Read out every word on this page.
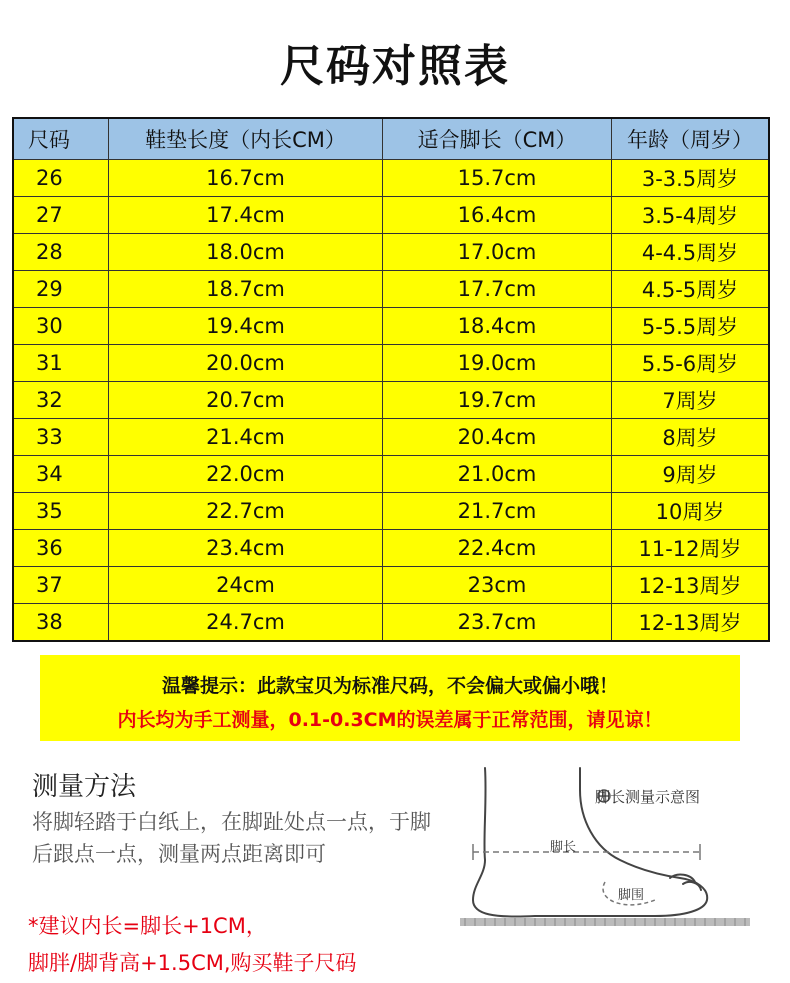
尺码对照表
尺码	鞋垫长度（内长CM）	适合脚长（CM）	年龄（周岁）
26	16.7cm	15.7cm	3-3.5周岁
27	17.4cm	16.4cm	3.5-4周岁
28	18.0cm	17.0cm	4-4.5周岁
29	18.7cm	17.7cm	4.5-5周岁
30	19.4cm	18.4cm	5-5.5周岁
31	20.0cm	19.0cm	5.5-6周岁
32	20.7cm	19.7cm	7周岁
33	21.4cm	20.4cm	8周岁
34	22.0cm	21.0cm	9周岁
35	22.7cm	21.7cm	10周岁
36	23.4cm	22.4cm	11-12周岁
37	24cm	23cm	12-13周岁
38	24.7cm	23.7cm	12-13周岁
温馨提示：此款宝贝为标准尺码，不会偏大或偏小哦！
内长均为手工测量，0.1-0.3CM的误差属于正常范围，请见谅！
测量方法
将脚轻踏于白纸上，在脚趾处点一点，于脚后跟点一点，测量两点距离即可
*建议内长=脚长+1CM，
脚胖/脚背高+1.5CM,购买鞋子尺码
脚长测量示意图
脚长
脚围
